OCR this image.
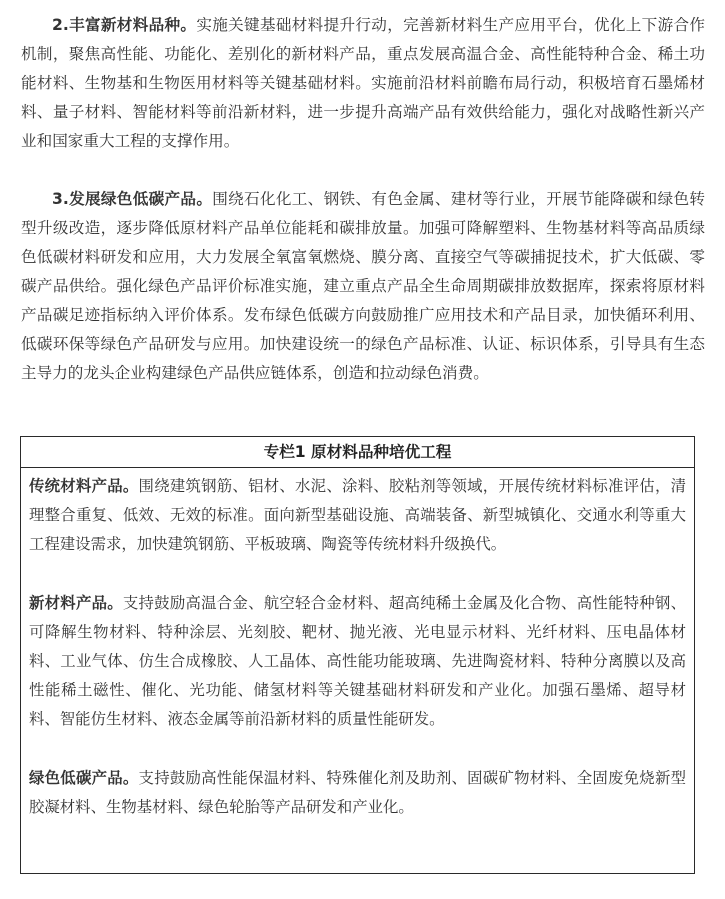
2.丰富新材料品种。实施关键基础材料提升行动，完善新材料生产应用平台，优化上下游合作机制，聚焦高性能、功能化、差别化的新材料产品，重点发展高温合金、高性能特种合金、稀土功能材料、生物基和生物医用材料等关键基础材料。实施前沿材料前瞻布局行动，积极培育石墨烯材料、量子材料、智能材料等前沿新材料，进一步提升高端产品有效供给能力，强化对战略性新兴产业和国家重大工程的支撑作用。

3.发展绿色低碳产品。围绕石化化工、钢铁、有色金属、建材等行业，开展节能降碳和绿色转型升级改造，逐步降低原材料产品单位能耗和碳排放量。加强可降解塑料、生物基材料等高品质绿色低碳材料研发和应用，大力发展全氧富氧燃烧、膜分离、直接空气等碳捕捉技术，扩大低碳、零碳产品供给。强化绿色产品评价标准实施，建立重点产品全生命周期碳排放数据库，探索将原材料产品碳足迹指标纳入评价体系。发布绿色低碳方向鼓励推广应用技术和产品目录，加快循环利用、低碳环保等绿色产品研发与应用。加快建设统一的绿色产品标准、认证、标识体系，引导具有生态主导力的龙头企业构建绿色产品供应链体系，创造和拉动绿色消费。

专栏1 原材料品种培优工程

传统材料产品。围绕建筑钢筋、铝材、水泥、涂料、胶粘剂等领域，开展传统材料标准评估，清理整合重复、低效、无效的标准。面向新型基础设施、高端装备、新型城镇化、交通水利等重大工程建设需求，加快建筑钢筋、平板玻璃、陶瓷等传统材料升级换代。

新材料产品。支持鼓励高温合金、航空轻合金材料、超高纯稀土金属及化合物、高性能特种钢、可降解生物材料、特种涂层、光刻胶、靶材、抛光液、光电显示材料、光纤材料、压电晶体材料、工业气体、仿生合成橡胶、人工晶体、高性能功能玻璃、先进陶瓷材料、特种分离膜以及高性能稀土磁性、催化、光功能、储氢材料等关键基础材料研发和产业化。加强石墨烯、超导材料、智能仿生材料、液态金属等前沿新材料的质量性能研发。

绿色低碳产品。支持鼓励高性能保温材料、特殊催化剂及助剂、固碳矿物材料、全固废免烧新型胶凝材料、生物基材料、绿色轮胎等产品研发和产业化。
